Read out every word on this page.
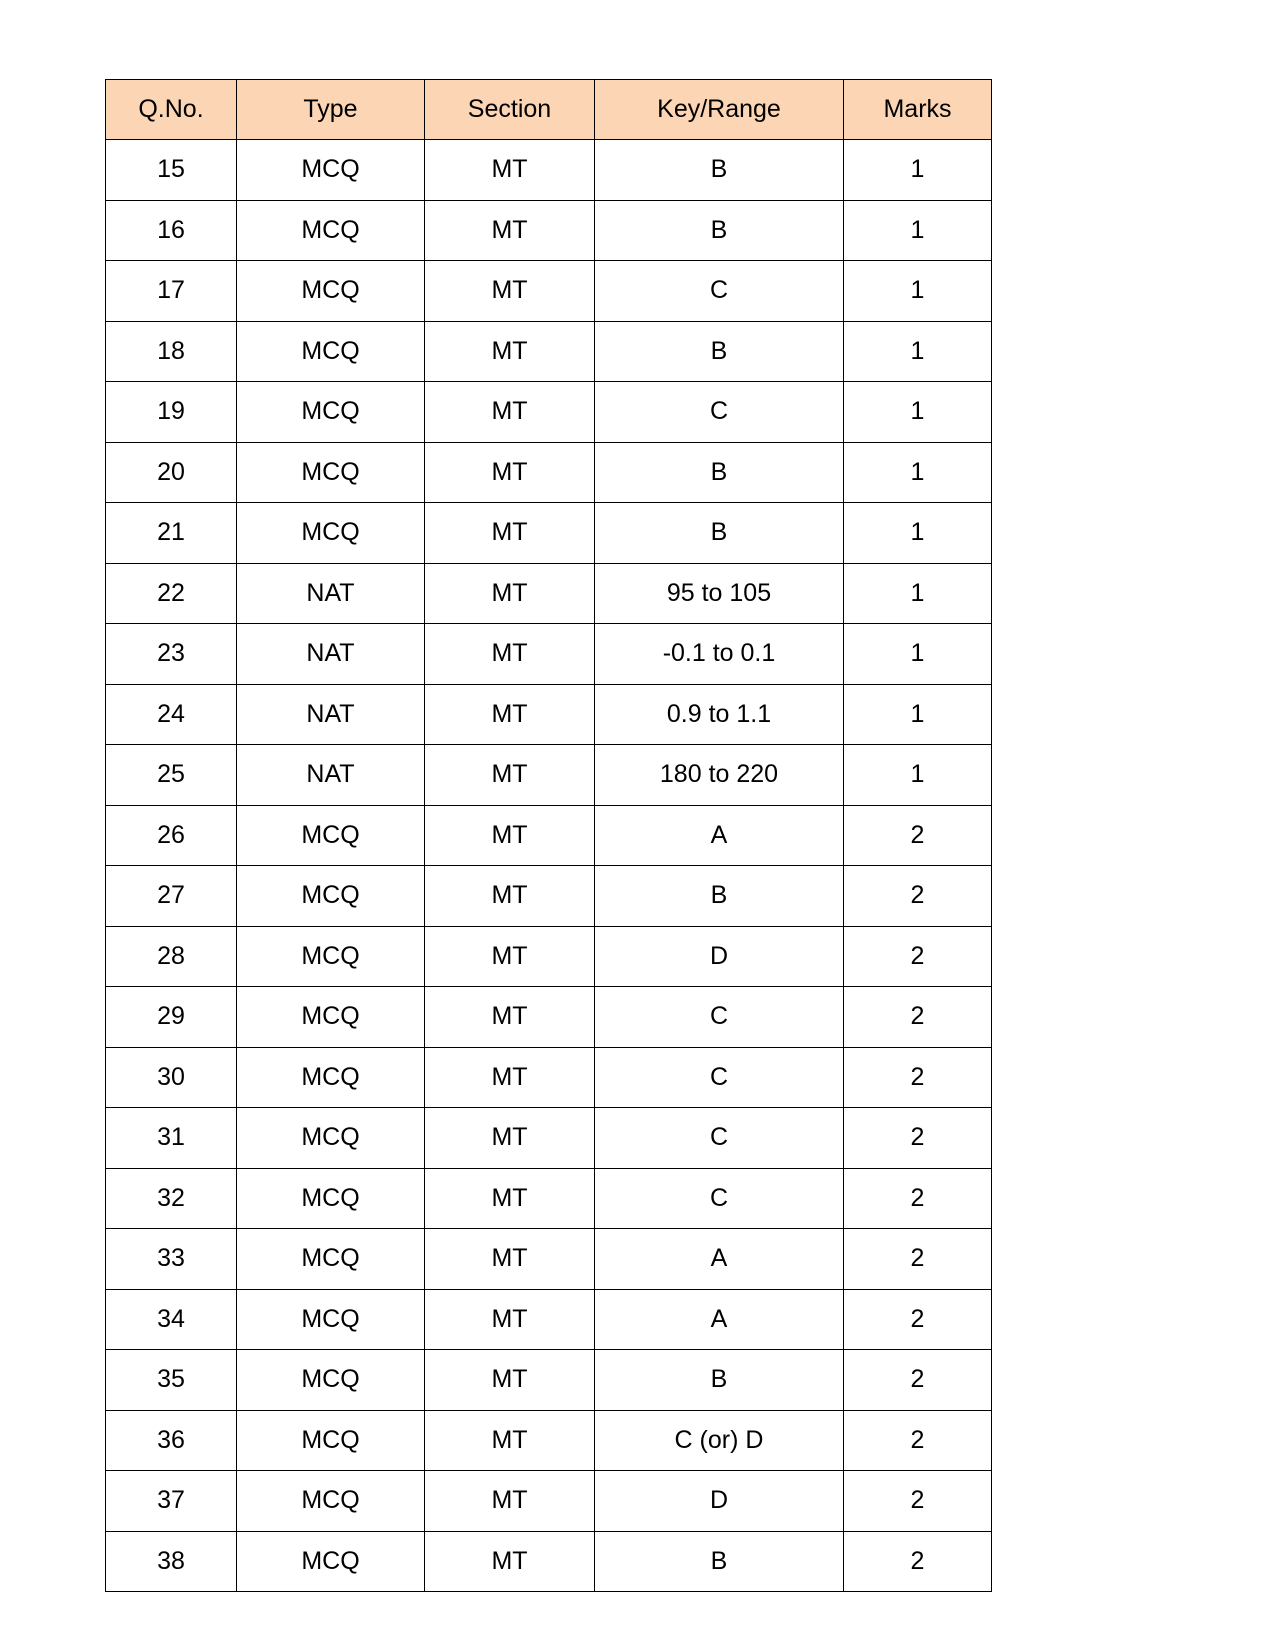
Q.No.	Type	Section	Key/Range	Marks
15	MCQ	MT	B	1
16	MCQ	MT	B	1
17	MCQ	MT	C	1
18	MCQ	MT	B	1
19	MCQ	MT	C	1
20	MCQ	MT	B	1
21	MCQ	MT	B	1
22	NAT	MT	95 to 105	1
23	NAT	MT	-0.1 to 0.1	1
24	NAT	MT	0.9 to 1.1	1
25	NAT	MT	180 to 220	1
26	MCQ	MT	A	2
27	MCQ	MT	B	2
28	MCQ	MT	D	2
29	MCQ	MT	C	2
30	MCQ	MT	C	2
31	MCQ	MT	C	2
32	MCQ	MT	C	2
33	MCQ	MT	A	2
34	MCQ	MT	A	2
35	MCQ	MT	B	2
36	MCQ	MT	C (or) D	2
37	MCQ	MT	D	2
38	MCQ	MT	B	2
